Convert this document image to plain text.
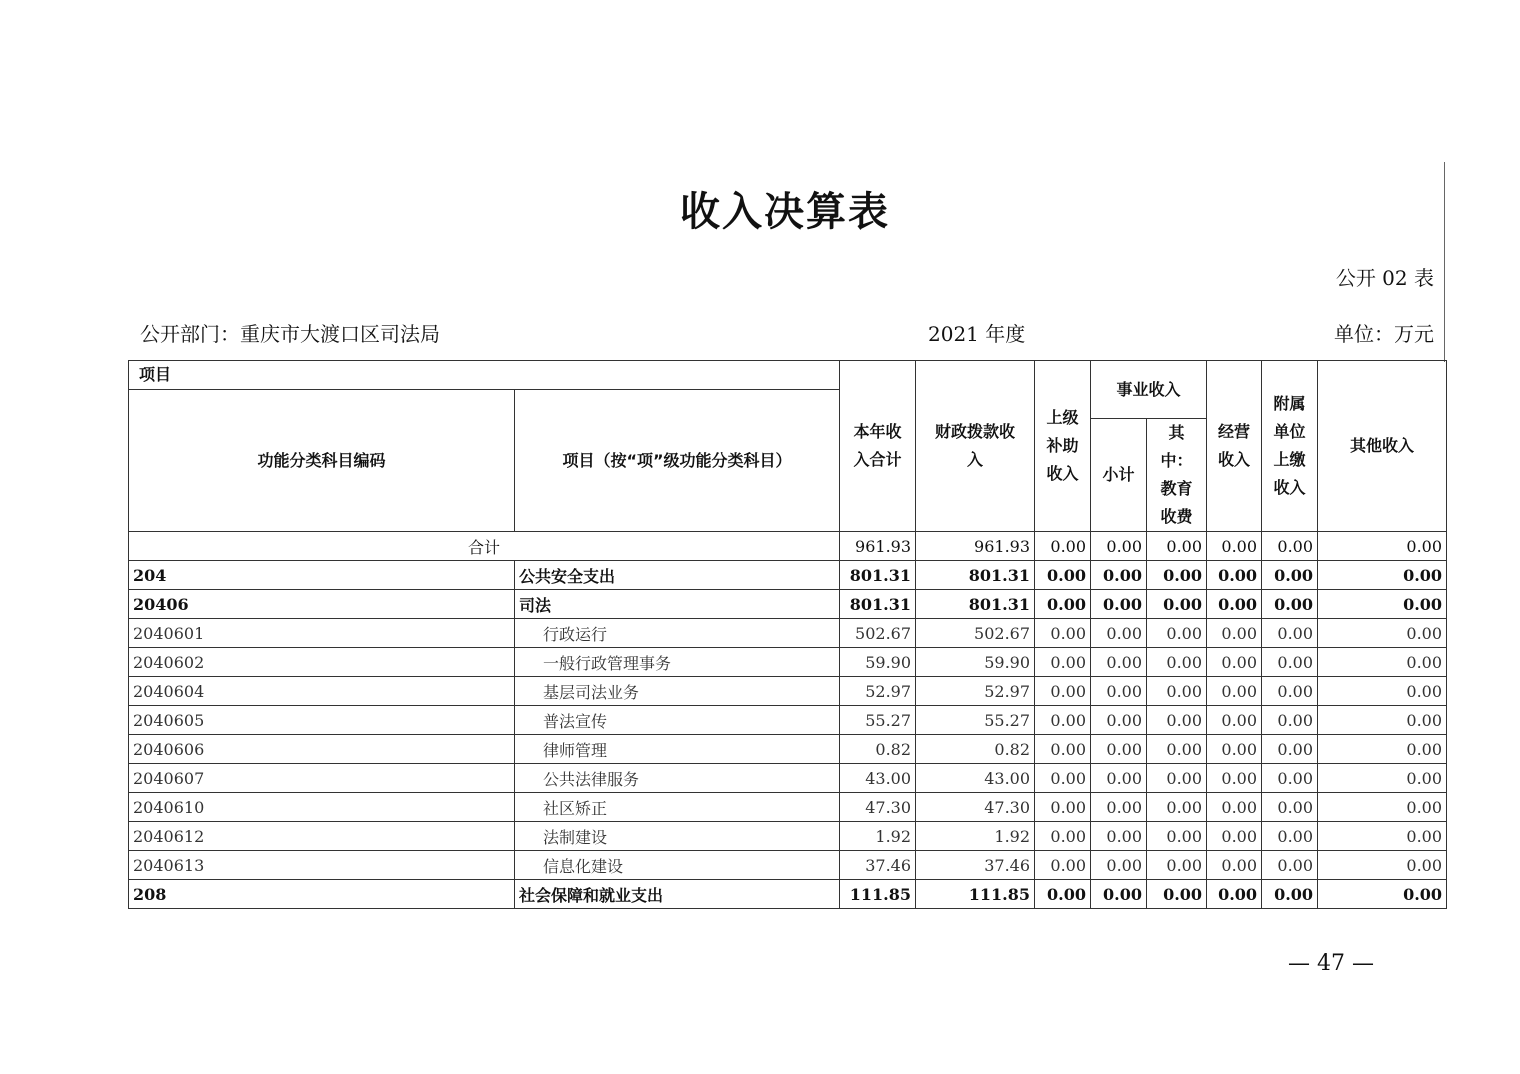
收入决算表
公开 02 表
公开部门：重庆市大渡口区司法局	2021 年度	单位：万元
项目		本年收入合计	财政拨款收入	上级补助收入	事业收入		经营收入	附属单位上缴收入	其他收入
功能分类科目编码	项目（按“项”级功能分类科目）								
					小计	其中：教育收费			
合计		961.93	961.93	0.00	0.00	0.00	0.00	0.00	0.00
204	公共安全支出	801.31	801.31	0.00	0.00	0.00	0.00	0.00	0.00
20406	司法	801.31	801.31	0.00	0.00	0.00	0.00	0.00	0.00
2040601	行政运行	502.67	502.67	0.00	0.00	0.00	0.00	0.00	0.00
2040602	一般行政管理事务	59.90	59.90	0.00	0.00	0.00	0.00	0.00	0.00
2040604	基层司法业务	52.97	52.97	0.00	0.00	0.00	0.00	0.00	0.00
2040605	普法宣传	55.27	55.27	0.00	0.00	0.00	0.00	0.00	0.00
2040606	律师管理	0.82	0.82	0.00	0.00	0.00	0.00	0.00	0.00
2040607	公共法律服务	43.00	43.00	0.00	0.00	0.00	0.00	0.00	0.00
2040610	社区矫正	47.30	47.30	0.00	0.00	0.00	0.00	0.00	0.00
2040612	法制建设	1.92	1.92	0.00	0.00	0.00	0.00	0.00	0.00
2040613	信息化建设	37.46	37.46	0.00	0.00	0.00	0.00	0.00	0.00
208	社会保障和就业支出	111.85	111.85	0.00	0.00	0.00	0.00	0.00	0.00
— 47 —
